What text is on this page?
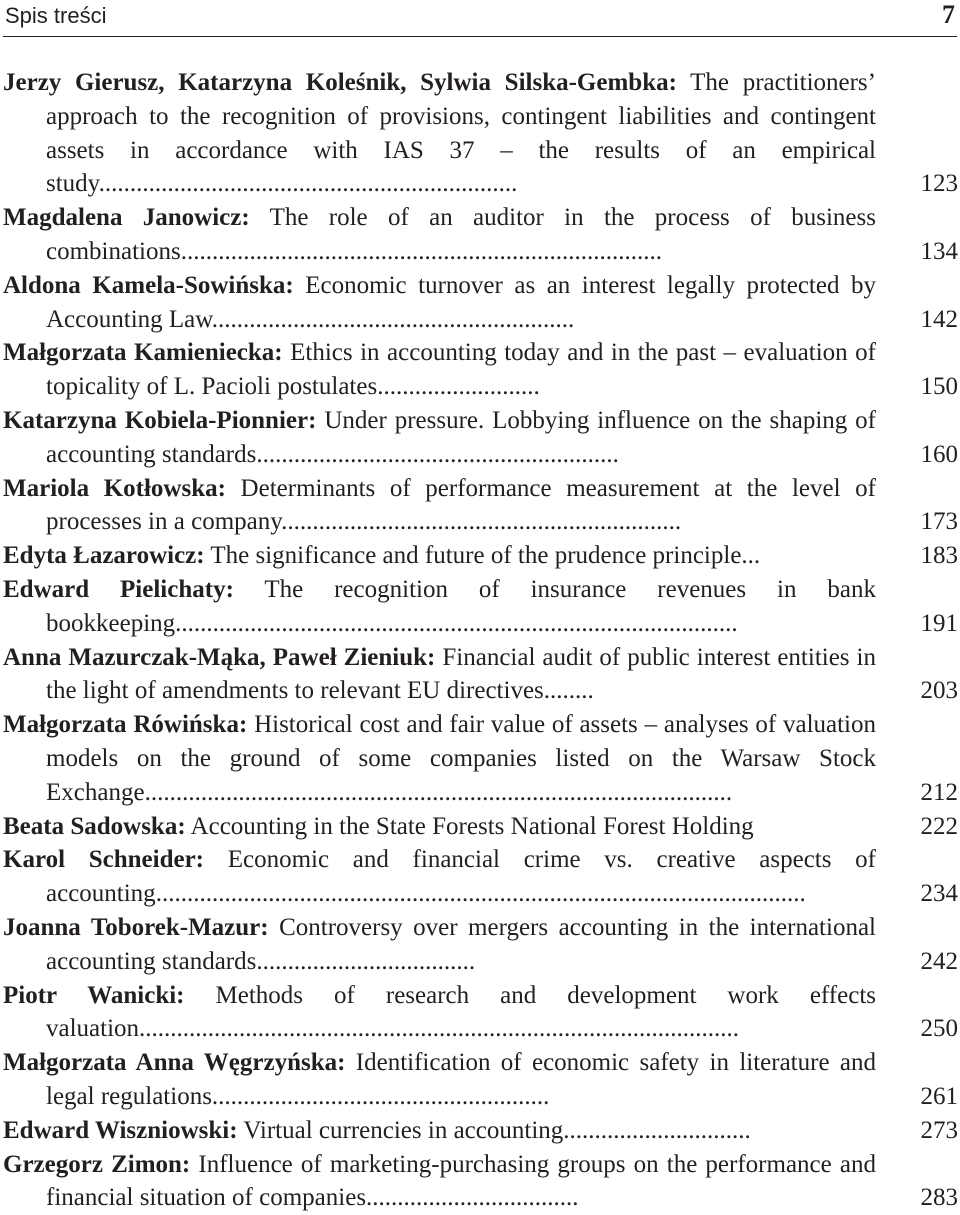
Spis treści	7
Jerzy Gierusz, Katarzyna Koleśnik, Sylwia Silska-Gembka: The practitioners’ approach to the recognition of provisions, contingent liabilities and contingent assets in accordance with IAS 37 – the results of an empirical study...................................................................	123
Magdalena Janowicz: The role of an auditor in the process of business combinations.............................................................................	134
Aldona Kamela-Sowińska: Economic turnover as an interest legally protected by Accounting Law..........................................................	142
Małgorzata Kamieniecka: Ethics in accounting today and in the past – evaluation of topicality of L. Pacioli postulates..........................	150
Katarzyna Kobiela-Pionnier: Under pressure. Lobbying influence on the shaping of accounting standards..........................................................	160
Mariola Kotłowska: Determinants of performance measurement at the level of processes in a company................................................................	173
Edyta Łazarowicz: The significance and future of the prudence principle...	183
Edward Pielichaty: The recognition of insurance revenues in bank bookkeeping..........................................................................................	191
Anna Mazurczak-Mąka, Paweł Zieniuk: Financial audit of public interest entities in the light of amendments to relevant EU directives........	203
Małgorzata Rówińska: Historical cost and fair value of assets – analyses of valuation models on the ground of some companies listed on the Warsaw Stock Exchange..............................................................................................	212
Beata Sadowska: Accounting in the State Forests National Forest Holding	222
Karol Schneider: Economic and financial crime vs. creative aspects of accounting........................................................................................................	234
Joanna Toborek-Mazur: Controversy over mergers accounting in the international accounting standards...................................	242
Piotr Wanicki: Methods of research and development work effects valuation................................................................................................	250
Małgorzata Anna Węgrzyńska: Identification of economic safety in literature and legal regulations......................................................	261
Edward Wiszniowski: Virtual currencies in accounting..............................	273
Grzegorz Zimon: Influence of marketing-purchasing groups on the performance and financial situation of companies..................................	283
